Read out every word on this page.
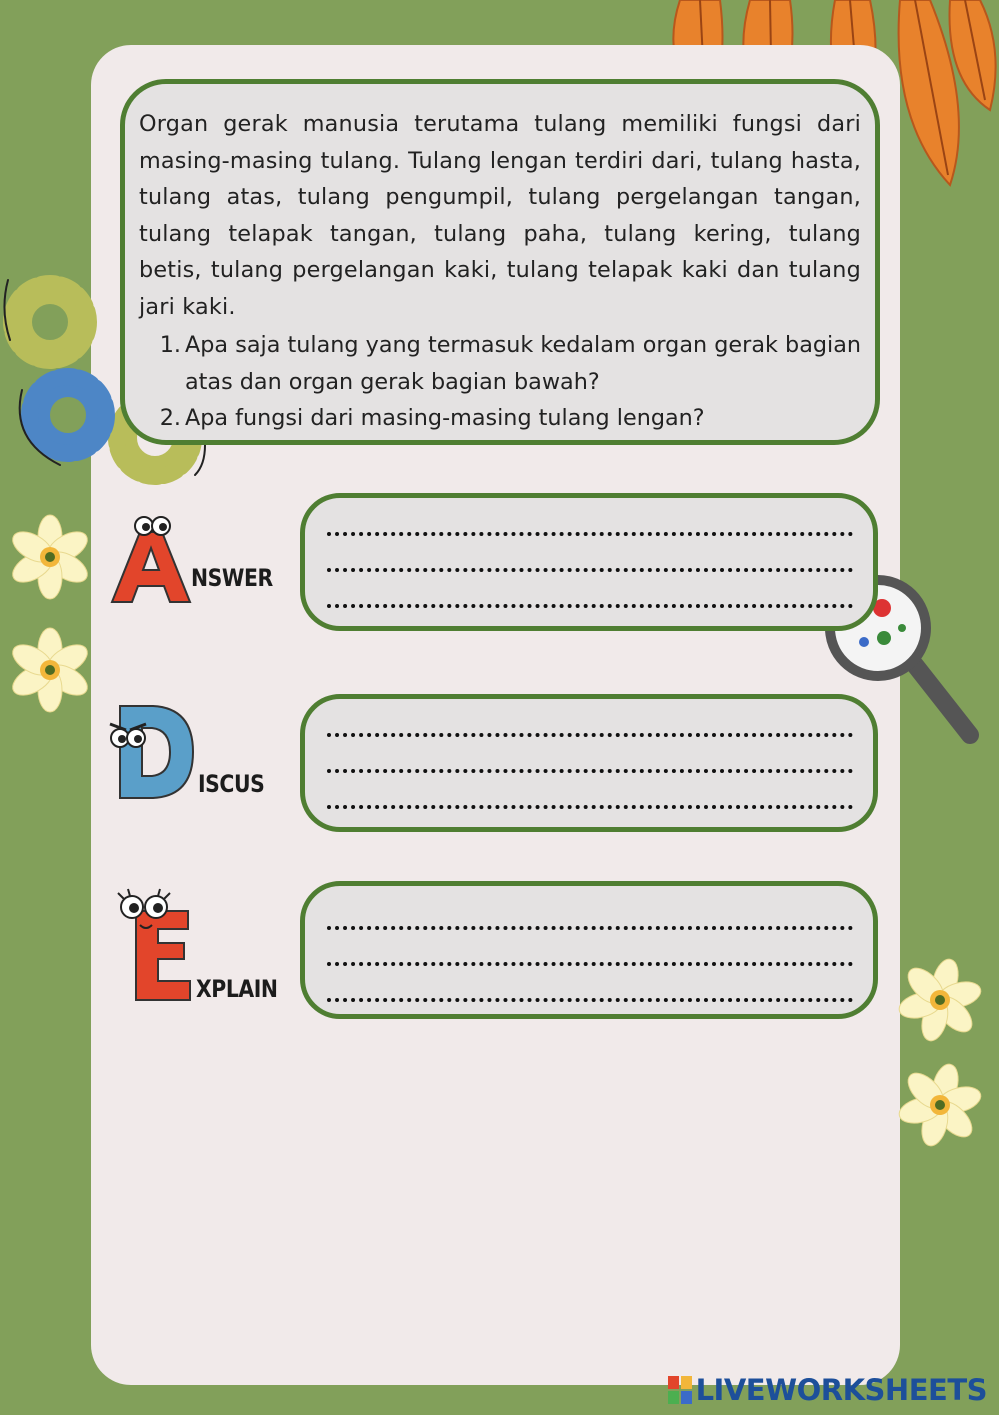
Organ gerak manusia terutama tulang memiliki fungsi dari masing-masing tulang. Tulang lengan terdiri dari, tulang hasta, tulang atas, tulang pengumpil, tulang pergelangan tangan, tulang telapak tangan, tulang paha, tulang kering, tulang betis, tulang pergelangan kaki, tulang telapak kaki dan tulang jari kaki.

1. Apa saja tulang yang termasuk kedalam organ gerak bagian atas dan organ gerak bagian bawah?
2. Apa fungsi dari masing-masing tulang lengan?
NSWER
ISCUS
XPLAIN
LIVEWORKSHEETS
